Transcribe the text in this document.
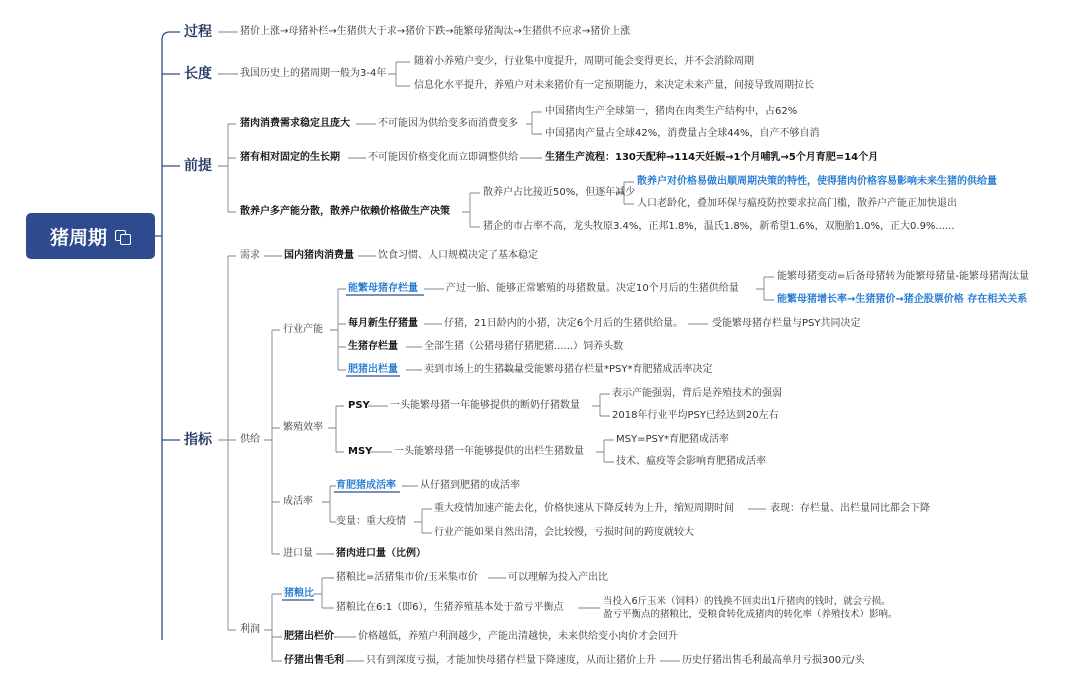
猪周期
过程	猪价上涨→母猪补栏→生猪供大于求→猪价下跌→能繁母猪淘汰→生猪供不应求→猪价上涨
长度	我国历史上的猪周期一般为3-4年
随着小养殖户变少，行业集中度提升，周期可能会变得更长，并不会消除周期
信息化水平提升，养殖户对未来猪价有一定预期能力，来决定未来产量，间接导致周期拉长
前提
猪肉消费需求稳定且庞大	不可能因为供给变多而消费变多
中国猪肉生产全球第一，猪肉在肉类生产结构中，占62%
中国猪肉产量占全球42%，消费量占全球44%，自产不够自消
猪有相对固定的生长期	不可能因价格变化而立即调整供给	生猪生产流程：130天配种→114天妊娠→1个月哺乳→5个月育肥=14个月
散养户多产能分散，散养户依赖价格做生产决策
散养户占比接近50%，但逐年减少
散养户对价格易做出顺周期决策的特性，使得猪肉价格容易影响未来生猪的供给量
人口老龄化，叠加环保与瘟疫防控要求拉高门槛，散养户产能正加快退出
猪企的市占率不高，龙头牧原3.4%，正邦1.8%，温氏1.8%，新希望1.6%，双胞胎1.0%，正大0.9%......
指标
需求 国内猪肉消费量 饮食习惯、人口规模决定了基本稳定
供给
行业产能
能繁母猪存栏量	产过一胎、能够正常繁殖的母猪数量。决定10个月后的生猪供给量
能繁母猪变动=后备母猪转为能繁母猪量-能繁母猪淘汰量
能繁母猪增长率→生猪猪价→猪企股票价格 存在相关关系
每月新生仔猪量	仔猪，21日龄内的小猪，决定6个月后的生猪供给量。	受能繁母猪存栏量与PSY共同决定
生猪存栏量	全部生猪（公猪母猪仔猪肥猪......）饲养头数
肥猪出栏量	卖到市场上的生猪数量 受能繁母猪存栏量*PSY*育肥猪成活率决定
繁殖效率
PSY 一头能繁母猪一年能够提供的断奶仔猪数量
表示产能强弱，背后是养殖技术的强弱
2018年行业平均PSY已经达到20左右
MSY 一头能繁母猪一年能够提供的出栏生猪数量
MSY=PSY*育肥猪成活率
技术、瘟疫等会影响育肥猪成活率
成活率
育肥猪成活率 从仔猪到肥猪的成活率
变量：重大疫情
重大疫情加速产能去化，价格快速从下降反转为上升，缩短周期时间	表现：存栏量、出栏量同比都会下降
行业产能如果自然出清，会比较慢，亏损时间的跨度就较大
进口量 猪肉进口量（比例）
利润
猪粮比
猪粮比=活猪集市价/玉米集市价	可以理解为投入产出比
猪粮比在6:1（即6），生猪养殖基本处于盈亏平衡点
当投入6斤玉米（饲料）的钱换不回卖出1斤猪肉的钱时，就会亏损。
盈亏平衡点的猪粮比，受粮食转化成猪肉的转化率（养殖技术）影响。
肥猪出栏价 价格越低，养殖户利润越少，产能出清越快，未来供给变小肉价才会回升
仔猪出售毛利 只有到深度亏损，才能加快母猪存栏量下降速度，从而让猪价上升	历史仔猪出售毛利最高单月亏损300元/头
